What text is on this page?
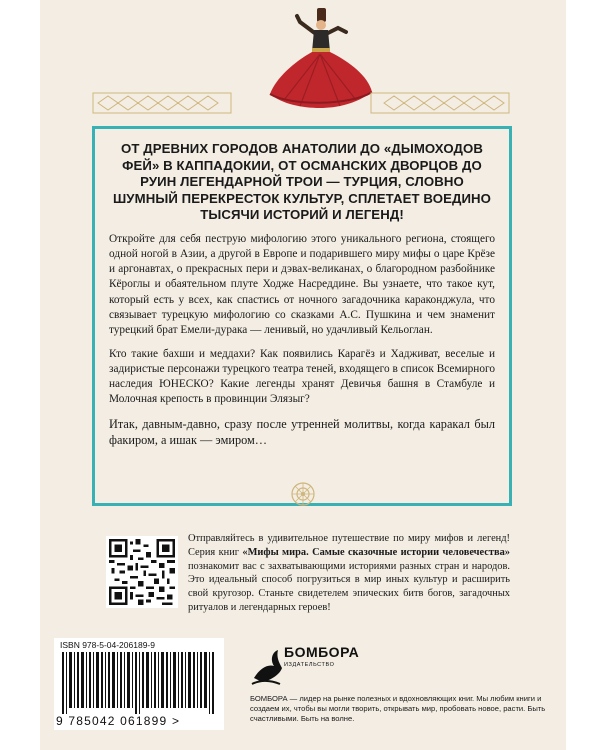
ОТ ДРЕВНИХ ГОРОДОВ АНАТОЛИИ ДО «ДЫМОХОДОВ ФЕЙ» В КАППАДОКИИ, ОТ ОСМАНСКИХ ДВОРЦОВ ДО РУИН ЛЕГЕНДАРНОЙ ТРОИ — ТУРЦИЯ, СЛОВНО ШУМНЫЙ ПЕРЕКРЕСТОК КУЛЬТУР, СПЛЕТАЕТ ВОЕДИНО ТЫСЯЧИ ИСТОРИЙ И ЛЕГЕНД!

Откройте для себя пеструю мифологию этого уникального региона, стоящего одной ногой в Азии, а другой в Европе и подарившего миру мифы о царе Крёзе и аргонавтах, о прекрасных пери и дэвах-великанах, о благородном разбойнике Кёроглы и обаятельном плуте Ходже Насреддине. Вы узнаете, что такое кут, который есть у всех, как спастись от ночного загадочника караконджула, что связывает турецкую мифологию со сказками А.С. Пушкина и чем знаменит турецкий брат Емели-дурака — ленивый, но удачливый Кельоглан.

Кто такие бахши и меддахи? Как появились Карагёз и Хадживат, веселые и задиристые персонажи турецкого театра теней, входящего в список Всемирного наследия ЮНЕСКО? Какие легенды хранят Девичья башня в Стамбуле и Молочная крепость в провинции Элязыг?

Итак, давным-давно, сразу после утренней молитвы, когда каракал был факиром, а ишак — эмиром…

Отправляйтесь в удивительное путешествие по миру мифов и легенд! Серия книг «Мифы мира. Самые сказочные истории человечества» познакомит вас с захватывающими историями разных стран и народов. Это идеальный способ погрузиться в мир иных культур и расширить свой кругозор. Станьте свидетелем эпических битв богов, загадочных ритуалов и легендарных героев!
ISBN 978-5-04-206189-9
9 785042 061899 >
БОМБОРА
ИЗДАТЕЛЬСТВО
БОМБОРА — лидер на рынке полезных и вдохновляющих книг. Мы любим книги и создаем их, чтобы вы могли творить, открывать мир, пробовать новое, расти. Быть счастливыми. Быть на волне.
